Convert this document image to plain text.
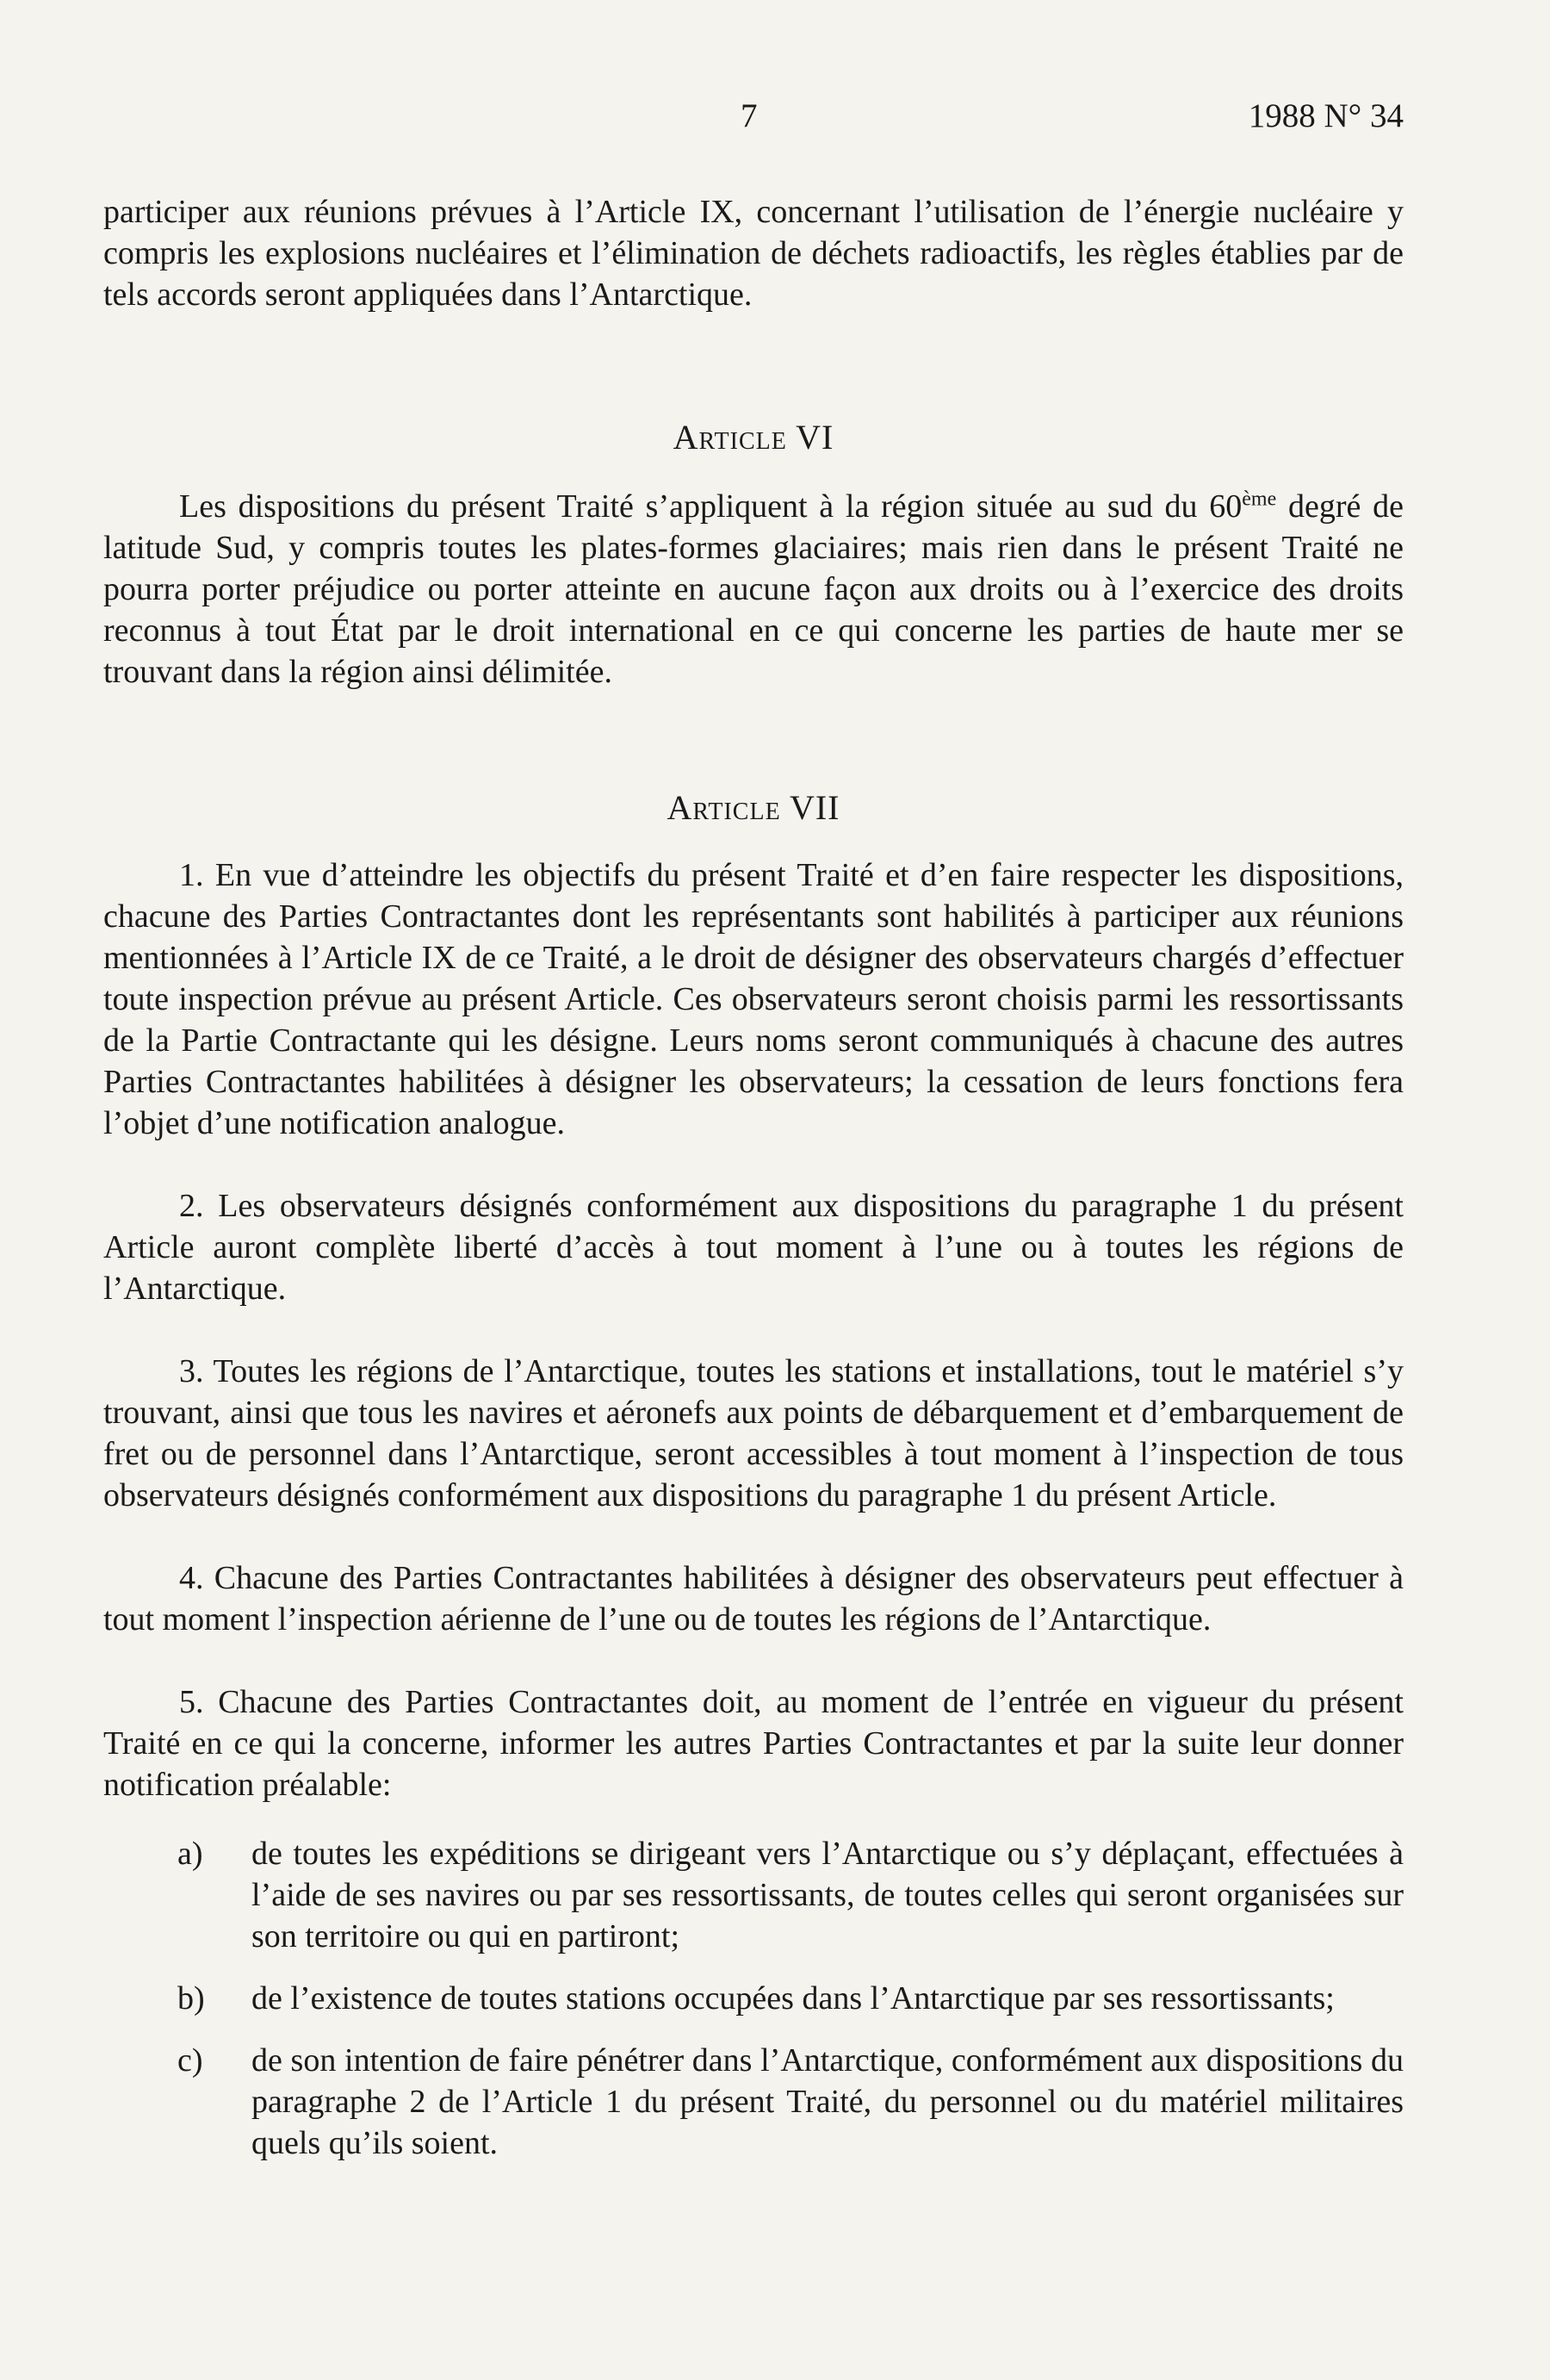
7	1988 N° 34

participer aux réunions prévues à l’Article IX, concernant l’utilisation de l’énergie nucléaire y compris les explosions nucléaires et l’élimination de déchets radioactifs, les règles établies par de tels accords seront appliquées dans l’Antarctique.

Article VI

Les dispositions du présent Traité s’appliquent à la région située au sud du 60ème degré de latitude Sud, y compris toutes les plates-formes glaciaires; mais rien dans le présent Traité ne pourra porter préjudice ou porter atteinte en aucune façon aux droits ou à l’exercice des droits reconnus à tout État par le droit international en ce qui concerne les parties de haute mer se trouvant dans la région ainsi délimitée.

Article VII

1. En vue d’atteindre les objectifs du présent Traité et d’en faire respecter les dispositions, chacune des Parties Contractantes dont les représentants sont habilités à participer aux réunions mentionnées à l’Article IX de ce Traité, a le droit de désigner des observateurs chargés d’effectuer toute inspection prévue au présent Article. Ces observateurs seront choisis parmi les ressortissants de la Partie Contractante qui les désigne. Leurs noms seront communiqués à chacune des autres Parties Contractantes habilitées à désigner les observateurs; la cessation de leurs fonctions fera l’objet d’une notification analogue.

2. Les observateurs désignés conformément aux dispositions du paragraphe 1 du présent Article auront complète liberté d’accès à tout moment à l’une ou à toutes les régions de l’Antarctique.

3. Toutes les régions de l’Antarctique, toutes les stations et installations, tout le matériel s’y trouvant, ainsi que tous les navires et aéronefs aux points de débarquement et d’embarquement de fret ou de personnel dans l’Antarctique, seront accessibles à tout moment à l’inspection de tous observateurs désignés conformément aux dispositions du paragraphe 1 du présent Article.

4. Chacune des Parties Contractantes habilitées à désigner des observateurs peut effectuer à tout moment l’inspection aérienne de l’une ou de toutes les régions de l’Antarctique.

5. Chacune des Parties Contractantes doit, au moment de l’entrée en vigueur du présent Traité en ce qui la concerne, informer les autres Parties Contractantes et par la suite leur donner notification préalable:

a)	de toutes les expéditions se dirigeant vers l’Antarctique ou s’y déplaçant, effectuées à l’aide de ses navires ou par ses ressortissants, de toutes celles qui seront organisées sur son territoire ou qui en partiront;
b)	de l’existence de toutes stations occupées dans l’Antarctique par ses ressortissants;
c)	de son intention de faire pénétrer dans l’Antarctique, conformément aux dispositions du paragraphe 2 de l’Article 1 du présent Traité, du personnel ou du matériel militaires quels qu’ils soient.
